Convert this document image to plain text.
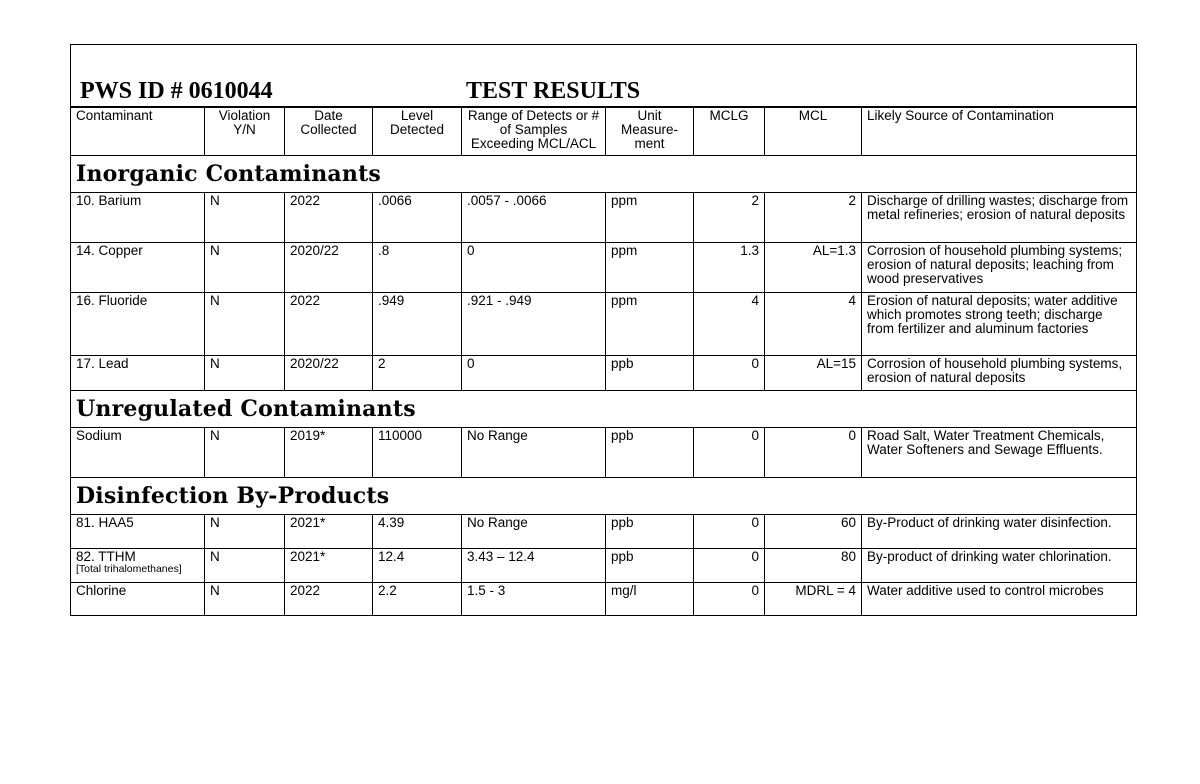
PWS ID # 0610044 TEST RESULTS								
Contaminant	Violation Y/N	Date Collected	Level Detected	Range of Detects or # of Samples Exceeding MCL/ACL	Unit Measure-ment	MCLG	MCL	Likely Source of Contamination
Inorganic Contaminants								
10. Barium	N	2022	.0066	.0057 - .0066	ppm	2	2	Discharge of drilling wastes; discharge from metal refineries; erosion of natural deposits
14. Copper	N	2020/22	.8	0	ppm	1.3	AL=1.3	Corrosion of household plumbing systems; erosion of natural deposits; leaching from wood preservatives
16. Fluoride	N	2022	.949	.921 - .949	ppm	4	4	Erosion of natural deposits; water additive which promotes strong teeth; discharge from fertilizer and aluminum factories
17. Lead	N	2020/22	2	0	ppb	0	AL=15	Corrosion of household plumbing systems, erosion of natural deposits
Unregulated Contaminants								
Sodium	N	2019*	110000	No Range	ppb	0	0	Road Salt, Water Treatment Chemicals, Water Softeners and Sewage Effluents.
Disinfection By-Products								
81. HAA5	N	2021*	4.39	No Range	ppb	0	60	By-Product of drinking water disinfection.

82. TTHM
[Total trihalomethanes]	N	2021*	12.4	3.43 – 12.4	ppb	0	80	By-product of drinking water chlorination.
Chlorine	N	2022	2.2	1.5 - 3	mg/l	0	MDRL = 4	Water additive used to control microbes
